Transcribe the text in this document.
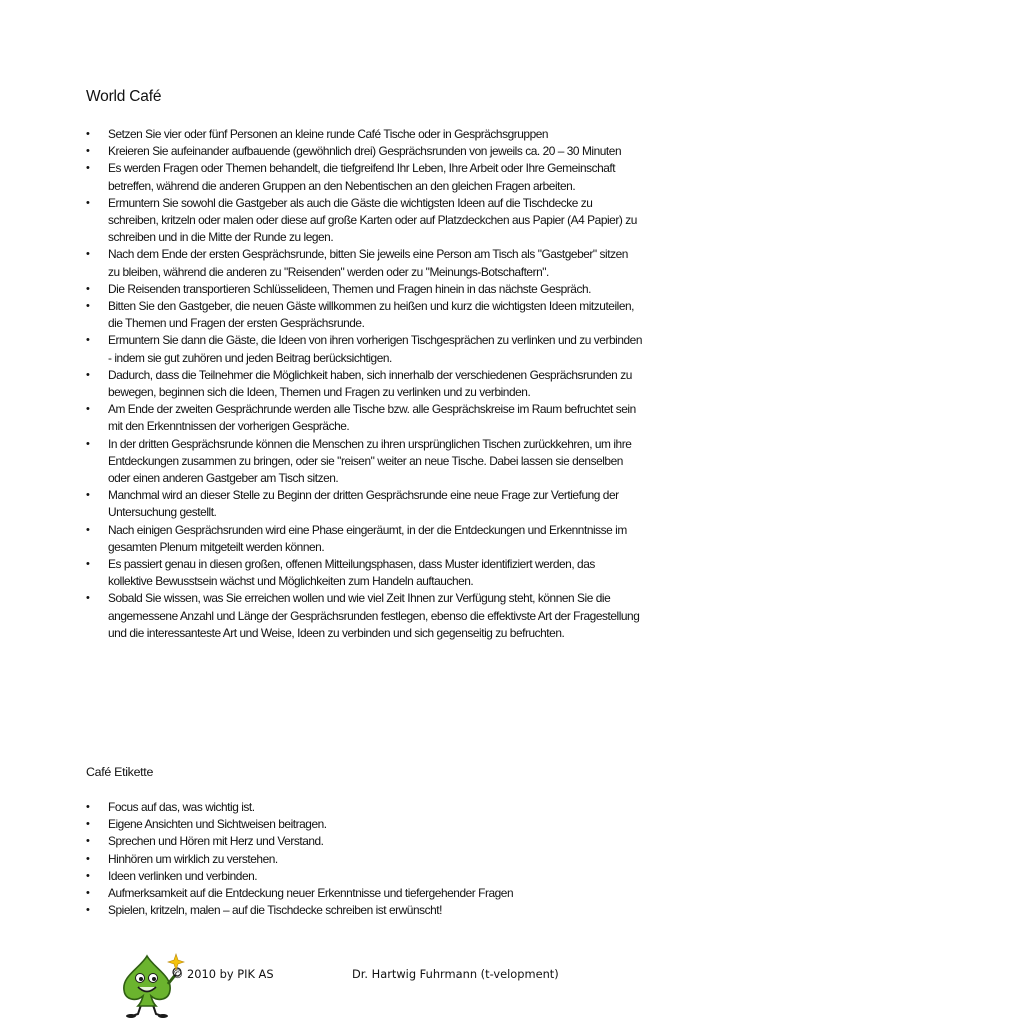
World Café
•	Setzen Sie vier oder fünf Personen an kleine runde Café Tische oder in Gesprächsgruppen
•	Kreieren Sie aufeinander aufbauende (gewöhnlich drei) Gesprächsrunden von jeweils ca. 20 – 30 Minuten
•	Es werden Fragen oder Themen behandelt, die tiefgreifend Ihr Leben, Ihre Arbeit oder Ihre Gemeinschaft betreffen, während die anderen Gruppen an den Nebentischen an den gleichen Fragen arbeiten.
•	Ermuntern Sie sowohl die Gastgeber als auch die Gäste die wichtigsten Ideen auf die Tischdecke zu schreiben, kritzeln oder malen oder diese auf große Karten oder auf Platzdeckchen aus Papier (A4 Papier) zu schreiben und in die Mitte der Runde zu legen.
•	Nach dem Ende der ersten Gesprächsrunde, bitten Sie jeweils eine Person am Tisch als "Gastgeber" sitzen zu bleiben, während die anderen zu "Reisenden" werden oder zu "Meinungs-Botschaftern".
•	Die Reisenden transportieren Schlüsselideen, Themen und Fragen hinein in das nächste Gespräch.
•	Bitten Sie den Gastgeber, die neuen Gäste willkommen zu heißen und kurz die wichtigsten Ideen mitzuteilen, die Themen und Fragen der ersten Gesprächsrunde.
•	Ermuntern Sie dann die Gäste, die Ideen von ihren vorherigen Tischgesprächen zu verlinken und zu verbinden - indem sie gut zuhören und jeden Beitrag berücksichtigen.
•	Dadurch, dass die Teilnehmer die Möglichkeit haben, sich innerhalb der verschiedenen Gesprächsrunden zu bewegen, beginnen sich die Ideen, Themen und Fragen zu verlinken und zu verbinden.
•	Am Ende der zweiten Gesprächrunde werden alle Tische bzw. alle Gesprächskreise im Raum befruchtet sein mit den Erkenntnissen der vorherigen Gespräche.
•	In der dritten Gesprächsrunde können die Menschen zu ihren ursprünglichen Tischen zurückkehren, um ihre Entdeckungen zusammen zu bringen, oder sie "reisen" weiter an neue Tische. Dabei lassen sie denselben oder einen anderen Gastgeber am Tisch sitzen.
•	Manchmal wird an dieser Stelle zu Beginn der dritten Gesprächsrunde eine neue Frage zur Vertiefung der Untersuchung gestellt.
•	Nach einigen Gesprächsrunden wird eine Phase eingeräumt, in der die Entdeckungen und Erkenntnisse im gesamten Plenum mitgeteilt werden können.
•	Es passiert genau in diesen großen, offenen Mitteilungsphasen, dass Muster identifiziert werden, das kollektive Bewusstsein wächst und Möglichkeiten zum Handeln auftauchen.
•	Sobald Sie wissen, was Sie erreichen wollen und wie viel Zeit Ihnen zur Verfügung steht, können Sie die angemessene Anzahl und Länge der Gesprächsrunden festlegen, ebenso die effektivste Art der Fragestellung und die interessanteste Art und Weise, Ideen zu verbinden und sich gegenseitig zu befruchten.
Café Etikette
•	Focus auf das, was wichtig ist.
•	Eigene Ansichten und Sichtweisen beitragen.
•	Sprechen und Hören mit Herz und Verstand.
•	Hinhören um wirklich zu verstehen.
•	Ideen verlinken und verbinden.
•	Aufmerksamkeit auf die Entdeckung neuer Erkenntnisse und tiefergehender Fragen
•	Spielen, kritzeln, malen – auf die Tischdecke schreiben ist erwünscht!
© 2010 by PIK AS	Dr. Hartwig Fuhrmann (t-velopment)
